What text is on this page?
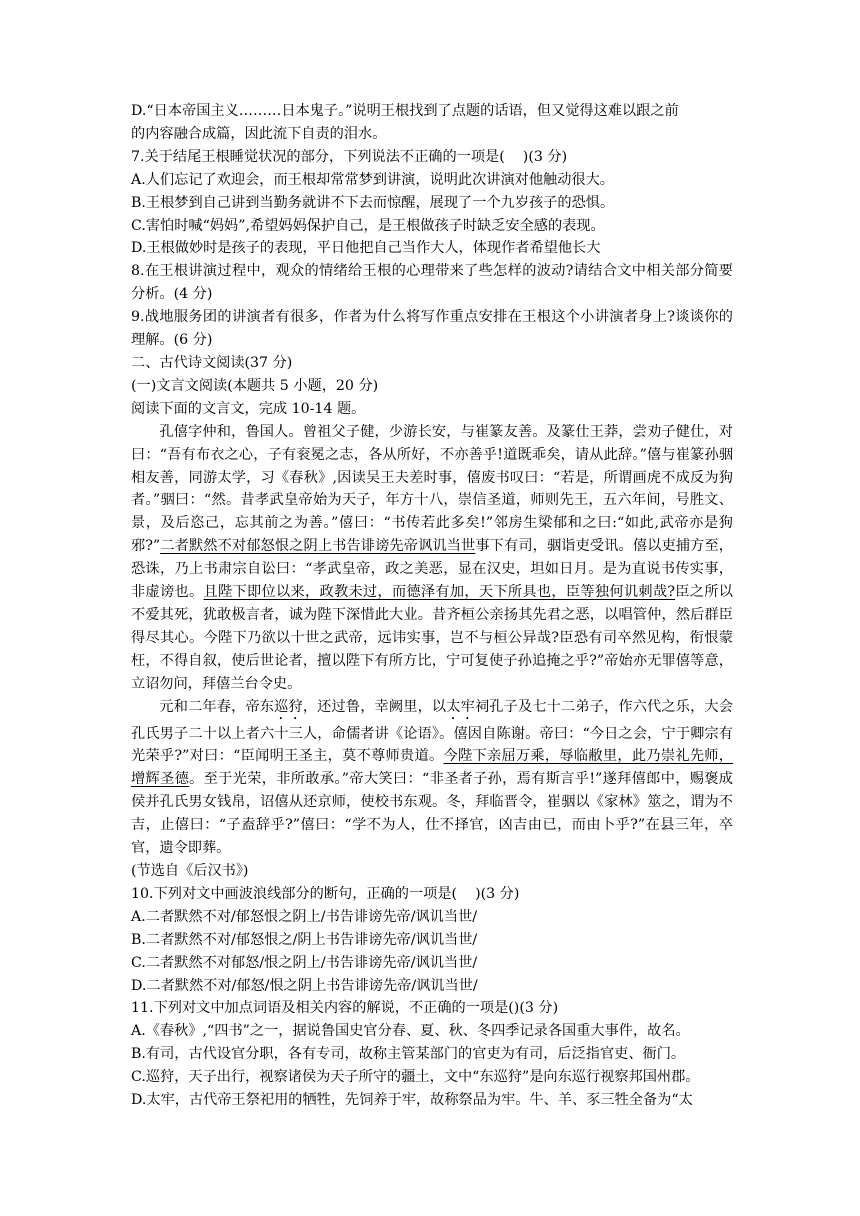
D.“日本帝国主义………日本鬼子。”说明王根找到了点题的话语，但又觉得这难以跟之前

的内容融合成篇，因此流下自责的泪水。

7.关于结尾王根睡觉状况的部分，下列说法不正确的一项是(    )(3 分)

A.人们忘记了欢迎会，而王根却常常梦到讲演，说明此次讲演对他触动很大。

B.王根梦到自己讲到当勤务就讲不下去而惊醒，展现了一个九岁孩子的恐惧。

C.害怕时喊“妈妈”,希望妈妈保护自己，是王根做孩子时缺乏安全感的表现。

D.王根做妙时是孩子的表现，平日他把自己当作大人，体现作者希望他长大

8.在王根讲演过程中，观众的情绪给王根的心理带来了些怎样的波动?请结合文中相关部分简要分析。(4 分)

9.战地服务团的讲演者有很多，作者为什么将写作重点安排在王根这个小讲演者身上?谈谈你的理解。(6 分)

二、古代诗文阅读(37 分)

(一)文言文阅读(本题共 5 小题，20 分)

阅读下面的文言文，完成 10-14 题。

孔僖字仲和，鲁国人。曾祖父子健，少游长安，与崔篆友善。及篆仕王莽，尝劝子健仕，对曰：“吾有布衣之心，子有衮冕之志，各从所好，不亦善乎!道既乖矣，请从此辞。”僖与崔篆孙骃相友善，同游太学，习《春秋》,因读吴王夫差时事，僖废书叹曰：“若是，所谓画虎不成反为狗者。”骃曰：“然。昔孝武皇帝始为天子，年方十八，崇信圣道，师则先王，五六年间，号胜文、景，及后恣己，忘其前之为善。”僖曰：“书传若此多矣!”邻房生梁郁和之曰:“如此,武帝亦是狗邪?”二者默然不对郁怒恨之阴上书告诽谤先帝讽讥当世事下有司，骃诣吏受讯。僖以吏捕方至，恐诛，乃上书肃宗自讼曰：“孝武皇帝，政之美恶，显在汉史，坦如日月。是为直说书传实事，非虚谤也。且陛下即位以来，政教未过，而德泽有加，天下所具也，臣等独何讥刺哉?臣之所以不爱其死，犹敢极言者，诚为陛下深惜此大业。昔齐桓公亲扬其先君之恶，以唱管仲，然后群臣得尽其心。今陛下乃欲以十世之武帝，远讳实事，岂不与桓公异哉?臣恐有司卒然见构，衔恨蒙枉，不得自叙，使后世论者，擅以陛下有所方比，宁可复使子孙追掩之乎?”帝始亦无罪僖等意，立诏勿问，拜僖兰台令史。

元和二年春，帝东巡狩，还过鲁，幸阙里，以太牢祠孔子及七十二弟子，作六代之乐，大会孔氏男子二十以上者六十三人，命儒者讲《论语》。僖因自陈谢。帝曰：“今日之会，宁于卿宗有光荣乎?”对曰：“臣闻明王圣主，莫不尊师贵道。今陛下亲屈万乘，辱临敝里，此乃崇礼先师，增辉圣德。至于光荣，非所敢承。”帝大笑曰：“非圣者子孙，焉有斯言乎!”遂拜僖郎中，赐褒成侯并孔氏男女钱帛，诏僖从还京师，使校书东观。冬，拜临晋令，崔骃以《家林》筮之，谓为不吉，止僖曰：“子盍辞乎?”僖曰：“学不为人，仕不择官，凶吉由已，而由卜乎?”在县三年，卒官，遗令即葬。

(节选自《后汉书》)

10.下列对文中画波浪线部分的断句，正确的一项是(    )(3 分)

A.二者默然不对/郁怒恨之阴上/书告诽谤先帝/讽讥当世/

B.二者默然不对/郁怒恨之/阴上书告诽谤先帝/讽讥当世/

C.二者默然不对郁怒/恨之阴上/书告诽谤先帝/讽讥当世/

D.二者默然不对/郁怒/恨之阴上书告诽谤先帝/讽讥当世/

11.下列对文中加点词语及相关内容的解说，不正确的一项是()(3 分)

A.《春秋》,“四书”之一，据说鲁国史官分春、夏、秋、冬四季记录各国重大事件，故名。

B.有司，古代设官分职，各有专司，故称主管某部门的官吏为有司，后泛指官吏、衙门。

C.巡狩，天子出行，视察诸侯为天子所守的疆土，文中“东巡狩”是向东巡行视察邦国州郡。

D.太牢，古代帝王祭祀用的牺牲，先饲养于牢，故称祭品为牢。牛、羊、豕三牲全备为“太
